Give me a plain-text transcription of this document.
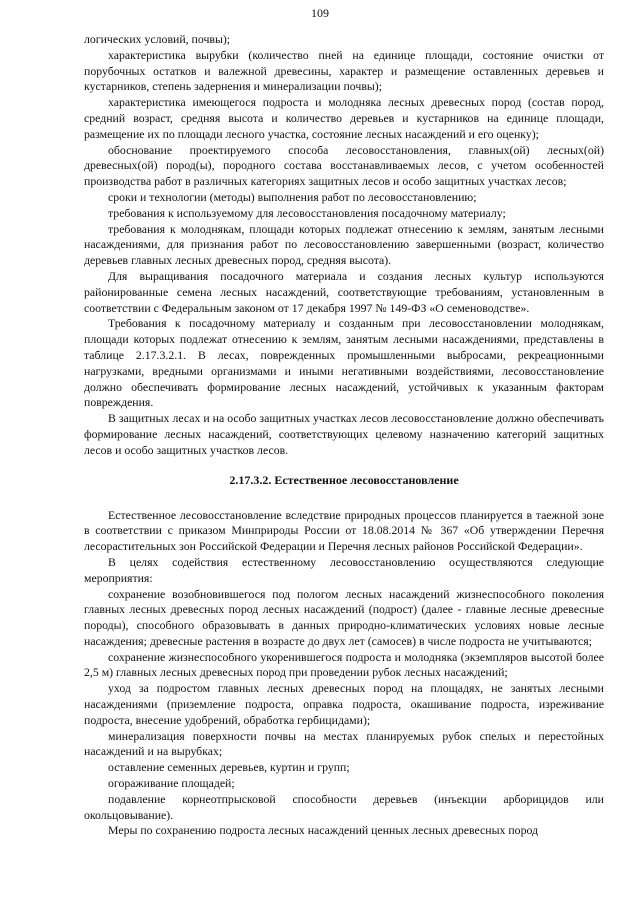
109

логических условий, почвы);

характеристика вырубки (количество пней на единице площади, состояние очистки от порубочных остатков и валежной древесины, характер и размещение оставленных деревьев и кустарников, степень задернения и минерализации почвы);

характеристика имеющегося подроста и молодняка лесных древесных пород (состав пород, средний возраст, средняя высота и количество деревьев и кустарников на единице площади, размещение их по площади лесного участка, состояние лесных насаждений и его оценку);

обоснование проектируемого способа лесовосстановления, главных(ой) лесных(ой) древесных(ой) пород(ы), породного состава восстанавливаемых лесов, с учетом особенностей производства работ в различных категориях защитных лесов и особо защитных участках лесов;

сроки и технологии (методы) выполнения работ по лесовосстановлению;

требования к используемому для лесовосстановления посадочному материалу;

требования к молоднякам, площади которых подлежат отнесению к землям, занятым лесными насаждениями, для признания работ по лесовосстановлению завершенными (возраст, количество деревьев главных лесных древесных пород, средняя высота).

Для выращивания посадочного материала и создания лесных культур используются районированные семена лесных насаждений, соответствующие требованиям, установленным в соответствии с Федеральным законом от 17 декабря 1997 № 149-ФЗ «О семеноводстве».

Требования к посадочному материалу и созданным при лесовосстановлении молоднякам, площади которых подлежат отнесению к землям, занятым лесными насаждениями, представлены в таблице 2.17.3.2.1. В лесах, поврежденных промышленными выбросами, рекреационными нагрузками, вредными организмами и иными негативными воздействиями, лесовосстановление должно обеспечивать формирование лесных насаждений, устойчивых к указанным факторам повреждения.

В защитных лесах и на особо защитных участках лесов лесовосстановление должно обеспечивать формирование лесных насаждений, соответствующих целевому назначению категорий защитных лесов и особо защитных участков лесов.

2.17.3.2. Естественное лесовосстановление

Естественное лесовосстановление вследствие природных процессов планируется в таежной зоне в соответствии с приказом Минприроды России от 18.08.2014 № 367 «Об утверждении Перечня лесорастительных зон Российской Федерации и Перечня лесных районов Российской Федерации».

В целях содействия естественному лесовосстановлению осуществляются следующие мероприятия:

сохранение возобновившегося под пологом лесных насаждений жизнеспособного поколения главных лесных древесных пород лесных насаждений (подрост) (далее - главные лесные древесные породы), способного образовывать в данных природно-климатических условиях новые лесные насаждения; древесные растения в возрасте до двух лет (самосев) в числе подроста не учитываются;

сохранение жизнеспособного укоренившегося подроста и молодняка (экземпляров высотой более 2,5 м) главных лесных древесных пород при проведении рубок лесных насаждений;

уход за подростом главных лесных древесных пород на площадях, не занятых лесными насаждениями (приземление подроста, оправка подроста, окашивание подроста, изреживание подроста, внесение удобрений, обработка гербицидами);

минерализация поверхности почвы на местах планируемых рубок спелых и перестойных насаждений и на вырубках;

оставление семенных деревьев, куртин и групп;

огораживание площадей;

подавление корнеотпрысковой способности деревьев (инъекции арборицидов или окольцовывание).

Меры по сохранению подроста лесных насаждений ценных лесных древесных пород
